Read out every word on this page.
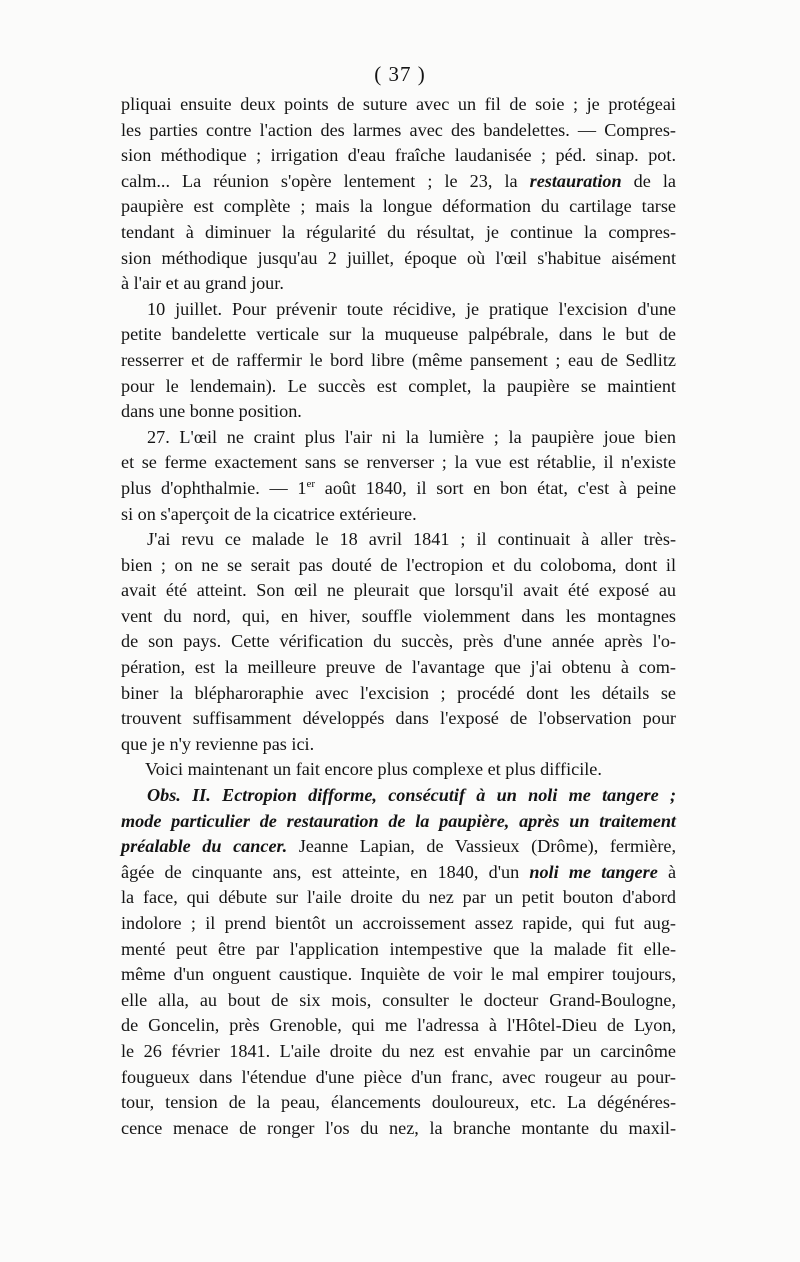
( 37 )
pliquai ensuite deux points de suture avec un fil de soie ; je protégeai
les parties contre l'action des larmes avec des bandelettes. — Compres-
sion méthodique ; irrigation d'eau fraîche laudanisée ; péd. sinap. pot.
calm... La réunion s'opère lentement ; le 23, la restauration de la
paupière est complète ; mais la longue déformation du cartilage tarse
tendant à diminuer la régularité du résultat, je continue la compres-
sion méthodique jusqu'au 2 juillet, époque où l'œil s'habitue aisément
à l'air et au grand jour.
10 juillet. Pour prévenir toute récidive, je pratique l'excision d'une
petite bandelette verticale sur la muqueuse palpébrale, dans le but de
resserrer et de raffermir le bord libre (même pansement ; eau de Sedlitz
pour le lendemain). Le succès est complet, la paupière se maintient
dans une bonne position.
27. L'œil ne craint plus l'air ni la lumière ; la paupière joue bien
et se ferme exactement sans se renverser ; la vue est rétablie, il n'existe
plus d'ophthalmie. — 1er août 1840, il sort en bon état, c'est à peine
si on s'aperçoit de la cicatrice extérieure.
J'ai revu ce malade le 18 avril 1841 ; il continuait à aller très-
bien ; on ne se serait pas douté de l'ectropion et du coloboma, dont il
avait été atteint. Son œil ne pleurait que lorsqu'il avait été exposé au
vent du nord, qui, en hiver, souffle violemment dans les montagnes
de son pays. Cette vérification du succès, près d'une année après l'o-
pération, est la meilleure preuve de l'avantage que j'ai obtenu à com-
biner la blépharoraphie avec l'excision ; procédé dont les détails se
trouvent suffisamment développés dans l'exposé de l'observation pour
que je n'y revienne pas ici.
Voici maintenant un fait encore plus complexe et plus difficile.
Obs. II. Ectropion difforme, consécutif à un noli me tangere ;
mode particulier de restauration de la paupière, après un traitement
préalable du cancer. Jeanne Lapian, de Vassieux (Drôme), fermière,
âgée de cinquante ans, est atteinte, en 1840, d'un noli me tangere à
la face, qui débute sur l'aile droite du nez par un petit bouton d'abord
indolore ; il prend bientôt un accroissement assez rapide, qui fut aug-
menté peut être par l'application intempestive que la malade fit elle-
même d'un onguent caustique. Inquiète de voir le mal empirer toujours,
elle alla, au bout de six mois, consulter le docteur Grand-Boulogne,
de Goncelin, près Grenoble, qui me l'adressa à l'Hôtel-Dieu de Lyon,
le 26 février 1841. L'aile droite du nez est envahie par un carcinôme
fougueux dans l'étendue d'une pièce d'un franc, avec rougeur au pour-
tour, tension de la peau, élancements douloureux, etc. La dégénéres-
cence menace de ronger l'os du nez, la branche montante du maxil-
